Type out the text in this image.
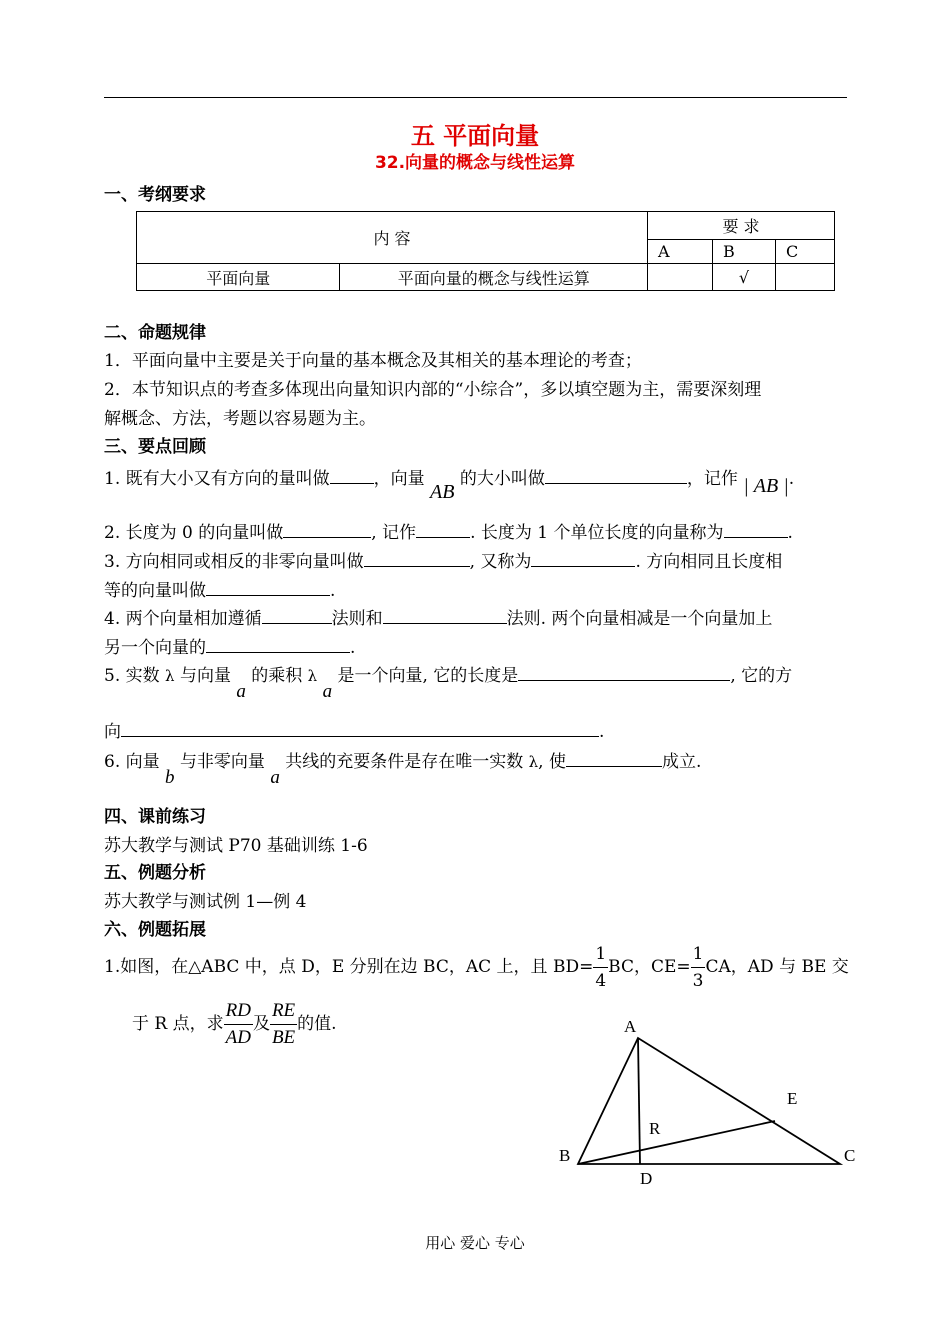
五 平面向量
32.向量的概念与线性运算
一、考纲要求
内 容		要 求		
		A	B	C
平面向量	平面向量的概念与线性运算		√	
二、命题规律
1．平面向量中主要是关于向量的基本概念及其相关的基本理论的考查；
2．本节知识点的考查多体现出向量知识内部的“小综合”，多以填空题为主，需要深刻理
解概念、方法，考题以容易题为主。
三、要点回顾
1. 既有大小又有方向的量叫做	，向量 AB 的大小叫做	，记作 | AB |.
2. 长度为 0 的向量叫做	, 记作	. 长度为 1 个单位长度的向量称为	.
3. 方向相同或相反的非零向量叫做	, 又称为	. 方向相同且长度相
等的向量叫做	.
4. 两个向量相加遵循	法则和	法则. 两个向量相减是一个向量加上
另一个向量的	.
5. 实数 λ 与向量 a 的乘积 λ a 是一个向量, 它的长度是	, 它的方
向	.
6. 向量 b 与非零向量 a 共线的充要条件是存在唯一实数 λ, 使	成立.
四、课前练习
苏大教学与测试 P70 基础训练 1-6
五、例题分析
苏大教学与测试例 1—例 4
六、例题拓展
1.如图，在△ABC 中，点 D，E 分别在边 BC，AC 上，且 $BD= \frac{1}{4}$ BC，$CE= \frac{1}{3}$ CA，AD 与 BE 交
于 R 点，求 $\frac{RD}{AD}$ 及 $\frac{RE}{BE}$ 的值.	A
B	C
D
E
R
用心 爱心 专心
